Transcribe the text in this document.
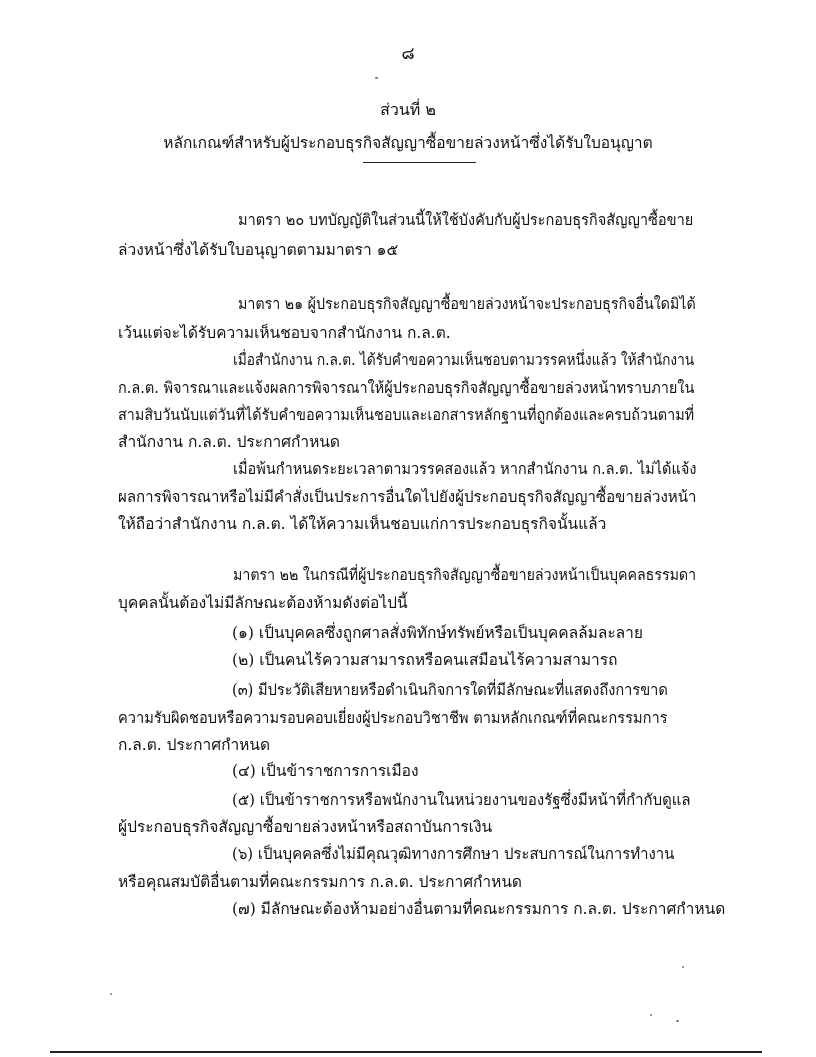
๘
ส่วนที่ ๒
หลักเกณฑ์สำหรับผู้ประกอบธุรกิจสัญญาซื้อขายล่วงหน้าซึ่งได้รับใบอนุญาต
มาตรา ๒๐ บทบัญญัติในส่วนนี้ให้ใช้บังคับกับผู้ประกอบธุรกิจสัญญาซื้อขาย
ล่วงหน้าซึ่งได้รับใบอนุญาตตามมาตรา ๑๕
มาตรา ๒๑ ผู้ประกอบธุรกิจสัญญาซื้อขายล่วงหน้าจะประกอบธุรกิจอื่นใดมิได้
เว้นแต่จะได้รับความเห็นชอบจากสำนักงาน ก.ล.ต.
เมื่อสำนักงาน ก.ล.ต. ได้รับคำขอความเห็นชอบตามวรรคหนึ่งแล้ว ให้สำนักงาน
ก.ล.ต. พิจารณาและแจ้งผลการพิจารณาให้ผู้ประกอบธุรกิจสัญญาซื้อขายล่วงหน้าทราบภายใน
สามสิบวันนับแต่วันที่ได้รับคำขอความเห็นชอบและเอกสารหลักฐานที่ถูกต้องและครบถ้วนตามที่
สำนักงาน ก.ล.ต. ประกาศกำหนด
เมื่อพ้นกำหนดระยะเวลาตามวรรคสองแล้ว หากสำนักงาน ก.ล.ต. ไม่ได้แจ้ง
ผลการพิจารณาหรือไม่มีคำสั่งเป็นประการอื่นใดไปยังผู้ประกอบธุรกิจสัญญาซื้อขายล่วงหน้า
ให้ถือว่าสำนักงาน ก.ล.ต. ได้ให้ความเห็นชอบแก่การประกอบธุรกิจนั้นแล้ว
มาตรา ๒๒ ในกรณีที่ผู้ประกอบธุรกิจสัญญาซื้อขายล่วงหน้าเป็นบุคคลธรรมดา
บุคคลนั้นต้องไม่มีลักษณะต้องห้ามดังต่อไปนี้
(๑) เป็นบุคคลซึ่งถูกศาลสั่งพิทักษ์ทรัพย์หรือเป็นบุคคลล้มละลาย
(๒) เป็นคนไร้ความสามารถหรือคนเสมือนไร้ความสามารถ
(๓) มีประวัติเสียหายหรือดำเนินกิจการใดที่มีลักษณะที่แสดงถึงการขาด
ความรับผิดชอบหรือความรอบคอบเยี่ยงผู้ประกอบวิชาชีพ ตามหลักเกณฑ์ที่คณะกรรมการ
ก.ล.ต. ประกาศกำหนด
(๔) เป็นข้าราชการการเมือง
(๕) เป็นข้าราชการหรือพนักงานในหน่วยงานของรัฐซึ่งมีหน้าที่กำกับดูแล
ผู้ประกอบธุรกิจสัญญาซื้อขายล่วงหน้าหรือสถาบันการเงิน
(๖) เป็นบุคคลซึ่งไม่มีคุณวุฒิทางการศึกษา ประสบการณ์ในการทำงาน
หรือคุณสมบัติอื่นตามที่คณะกรรมการ ก.ล.ต. ประกาศกำหนด
(๗) มีลักษณะต้องห้ามอย่างอื่นตามที่คณะกรรมการ ก.ล.ต. ประกาศกำหนด
